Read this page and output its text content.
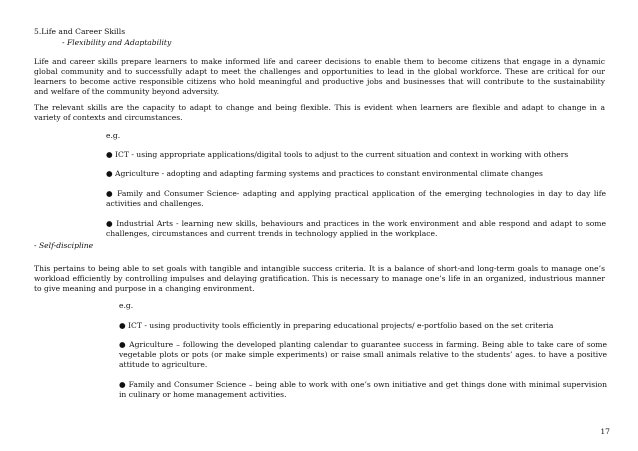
5.Life and Career Skills

- Flexibility and Adaptability

Life and career skills prepare learners to make informed life and career decisions to enable them to become citizens that engage in a dynamic global community and to successfully adapt to meet the challenges and opportunities to lead in the global workforce. These are critical for our learners to become active responsible citizens who hold meaningful and productive jobs and businesses that will contribute to the sustainability and welfare of the community beyond adversity.

The relevant skills are the capacity to adapt to change and being flexible. This is evident when learners are flexible and adapt to change in a variety of contexts and circumstances.

e.g.

● ICT - using appropriate applications/digital tools to adjust to the current situation and context in working with others

● Agriculture - adopting and adapting farming systems and practices to constant environmental climate changes

● Family and Consumer Science- adapting and applying practical application of the emerging technologies in day to day life activities and challenges.

● Industrial Arts - learning new skills, behaviours and practices in the work environment and able respond and adapt to some challenges, circumstances and current trends in technology applied in the workplace.

- Self-discipline

This pertains to being able to set goals with tangible and intangible success criteria. It is a balance of short-and long-term goals to manage one’s workload efficiently by controlling impulses and delaying gratification. This is necessary to manage one’s life in an organized, industrious manner to give meaning and purpose in a changing environment.

e.g.

● ICT - using productivity tools efficiently in preparing educational projects/ e-portfolio based on the set criteria

● Agriculture – following the developed planting calendar to guarantee success in farming. Being able to take care of some vegetable plots or pots (or make simple experiments) or raise small animals relative to the students’ ages. to have a positive attitude to agriculture.

● Family and Consumer Science – being able to work with one’s own initiative and get things done with minimal supervision in culinary or home management activities.

17
